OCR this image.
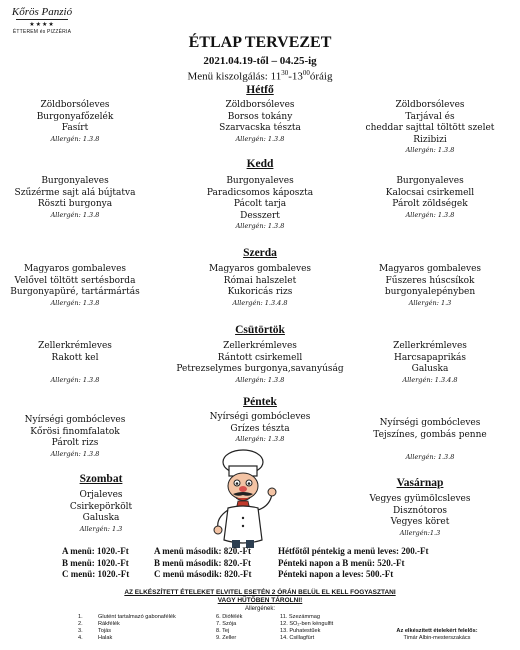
Kőrös Panzió
★★★★
ÉTTEREM és PIZZÉRIA
ÉTLAP TERVEZET
2021.04.19-től – 04.25-ig
Menü kiszolgálás: $11^{30}-13^{00}óráig$
Hétfő
Zöldborsóleves
Burgonyafőzelék
Fasírt
Allergén: 1.3.8
Zöldborsóleves
Borsos tokány
Szarvacska tészta
Allergén: 1.3.8
Zöldborsóleves
Tarjával és
cheddar sajttal töltött szelet
Rizibizi
Allergén: 1.3.8
Kedd
Burgonyaleves
Szűzérme sajt alá bújtatva
Röszti burgonya
Allergén: 1.3.8
Burgonyaleves
Paradicsomos káposzta
Pácolt tarja
Desszert
Allergén: 1.3.8
Burgonyaleves
Kalocsai csirkemell
Párolt zöldségek
Allergén: 1.3.8
Szerda
Magyaros gombaleves
Velővel töltött sertésborda
Burgonyapüré, tartármártás
Allergén: 1.3.8
Magyaros gombaleves
Római halszelet
Kukoricás rizs
Allergén: 1.3.4.8
Magyaros gombaleves
Fűszeres húscsíkok
burgonyalepényben
Allergén: 1.3
Csütörtök
Zellerkrémleves
Rakott kel
Allergén: 1.3.8
Zellerkrémleves
Rántott csirkemell
Petrezselymes burgonya,savanyúság
Allergén: 1.3.8
Zellerkrémleves
Harcsapaprikás
Galuska
Allergén: 1.3.4.8
Péntek
Nyírségi gombócleves
Kőrösi finomfalatok
Párolt rizs
Allergén: 1.3.8
Nyírségi gombócleves
Grízes tészta
Allergén: 1.3.8
Nyírségi gombócleves
Tejszínes, gombás penne
Allergén: 1.3.8
Szombat
Orjaleves
Csirkepörkölt
Galuska
Allergén: 1.3
Vasárnap
Vegyes gyümölcsleves
Disznótoros
Vegyes köret
Allergén:1.3
A menü: 1020.-Ft
B menü: 1020.-Ft
C menü: 1020.-Ft
A menü második: 820.-Ft
B menü második: 820.-Ft
C menü második: 820.-Ft
Hétfőtől péntekig a menü leves: 200.-Ft
Pénteki napon a B menü: 520.-Ft
Pénteki napon a leves: 500.-Ft
AZ ELKÉSZÍTETT ÉTELEKET ELVITEL ESETÉN 2 ÓRÁN BELÜL EL KELL FOGYASZTANI
VAGY HŰTŐBEN TÁROLNI!
Allergének:
1.	Glutént tartalmazó gabonafélék
2.	Rákfélék
3.	Tojás
4.	Halak
6. Diófélék
7. Szója
8. Tej
9. Zeller
11. Szezámmag
12. SO₂-ben kéngulfit
13. Puhatestűek
14. Csillagfürt
Az elkészített ételekért felelős:
Timár Albin-mesterszakács
